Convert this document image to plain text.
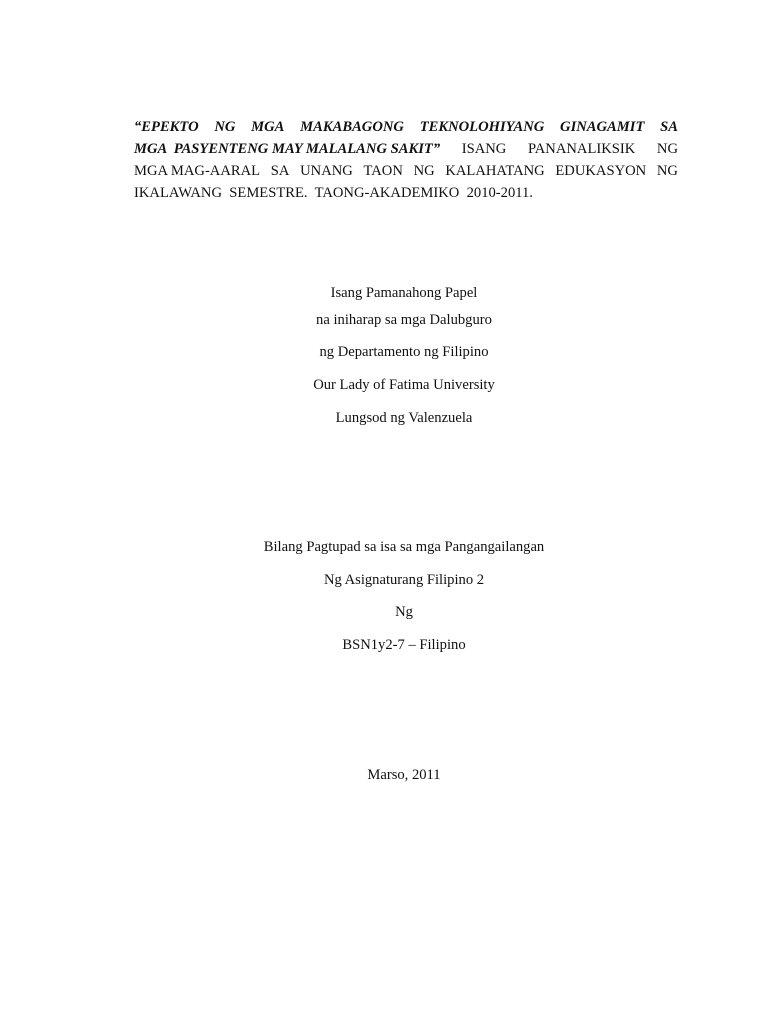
“EPEKTO NG MGA MAKABAGONG TEKNOLOHIYANG GINAGAMIT SA
MGA  PASYENTENG MAY MALALANG SAKIT” ISANG PANANALIKSIK NG
MGA MAG-AARAL SA UNANG TAON NG KALAHATANG EDUKASYON NG
IKALAWANG  SEMESTRE.  TAONG-AKADEMIKO  2010-2011.
Isang Pamanahong Papel
na iniharap sa mga Dalubguro
ng Departamento ng Filipino
Our Lady of Fatima University
Lungsod ng Valenzuela
Bilang Pagtupad sa isa sa mga Pangangailangan
Ng Asignaturang Filipino 2
Ng
BSN1y2-7 – Filipino
Marso, 2011
